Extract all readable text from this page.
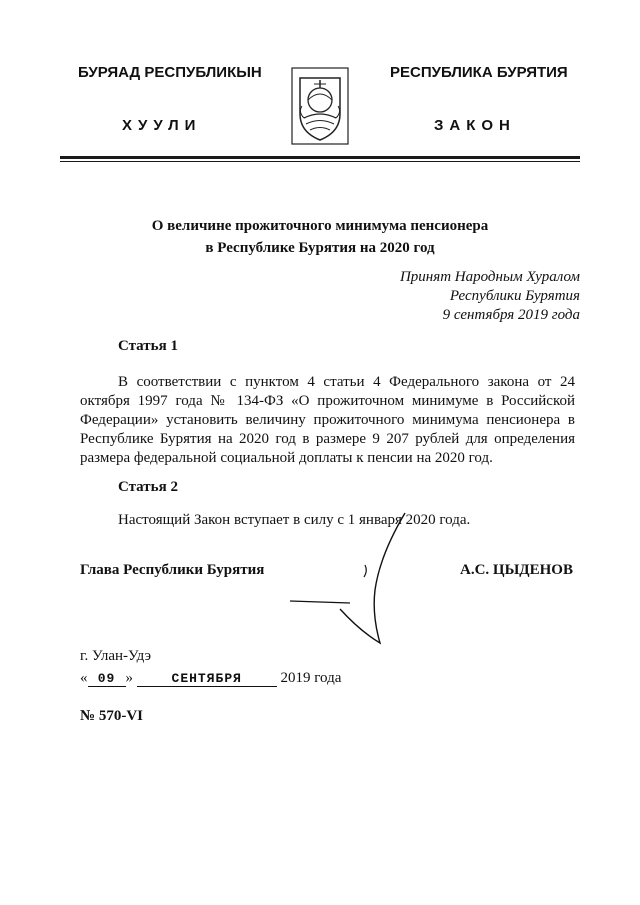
БУРЯАД РЕСПУБЛИКЫН
ХУУЛИ
РЕСПУБЛИКА БУРЯТИЯ
ЗАКОН
О величине прожиточного минимума пенсионера
в Республике Бурятия на 2020 год
Принят Народным Хуралом
Республики Бурятия
9 сентября 2019 года
Статья 1
В соответствии с пунктом 4 статьи 4 Федерального закона от 24 октября 1997 года № 134-ФЗ «О прожиточном минимуме в Российской Федерации» установить величину прожиточного минимума пенсионера в Республике Бурятия на 2020 год в размере 9 207 рублей для определения размера федеральной социальной доплаты к пенсии на 2020 год.
Статья 2
Настоящий Закон вступает в силу с 1 января 2020 года.
Глава Республики Бурятия	А.С. ЦЫДЕНОВ
г. Улан-Удэ
« 09 »	СЕНТЯБРЯ	2019 года
№ 570-VI
